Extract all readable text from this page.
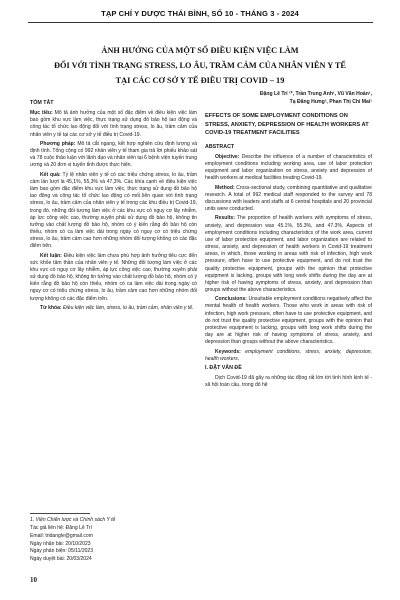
TẠP CHÍ Y DƯỢC THÁI BÌNH, SỐ 10 - THÁNG 3 - 2024
ẢNH HƯỞNG CỦA MỘT SỐ ĐIỀU KIỆN VIỆC LÀM
ĐỐI VỚI TÌNH TRẠNG STRESS, LO ÂU, TRẦM CẢM CỦA NHÂN VIÊN Y TẾ
TẠI CÁC CƠ SỞ Y TẾ ĐIỀU TRỊ COVID – 19
TÓM TẮT

Mục tiêu: Mô tả ảnh hưởng của một số đặc điểm về điều kiện việc làm bao gồm khu vực làm việc, thực trạng sử dụng đồ bảo hộ lao động và công tác tổ chức lao động đối với tình trạng stress, lo âu, trầm cảm của nhân viên y tế tại các cơ sở y tế điều trị Covid-19.

Phương pháp: Mô tả cắt ngang, kết hợp nghiên cứu định lượng và định tính. Tổng cộng có 992 nhân viên y tế tham gia trả lời phiếu khảo sát và 78 cuộc thảo luận với lãnh đạo và nhân viên tại 6 bệnh viện tuyến trung ương và 20 đơn vị tuyến tỉnh được thực hiện.

Kết quả: Tỷ lệ nhân viên y tế có các triệu chứng stress, lo âu, trầm cảm lần lượt là 45,1%, 55,3% và 47,3%. Các khía cạnh về điều kiện việc làm bao gồm đặc điểm khu vực làm việc, thực trạng sử dụng đồ bảo hộ lao động và công tác tổ chức lao động có mối liên quan với tình trạng stress, lo âu, trầm cảm của nhân viên y tế trong các khu điều trị Covid-19, trong đó, những đối tượng làm việc ở các khu vực có nguy cơ lây nhiễm, áp lực công việc cao, thường xuyên phải sử dụng đồ bảo hộ, không tin tưởng vào chất lượng đồ bảo hộ, nhóm có ý kiến rằng đồ bảo hộ còn thiếu, nhóm có ca làm việc dài trong ngày có nguy cơ có triệu chứng stress, lo âu, trầm cảm cao hơn những nhóm đối tượng không có các đặc điểm trên.

Kết luận: Điều kiện việc làm chưa phù hợp ảnh hưởng tiêu cực đến sức khỏe tâm thần của nhân viên y tế. Những đối tượng làm việc ở các khu vực có nguy cơ lây nhiễm, áp lực công việc cao, thường xuyên phải sử dụng đồ bảo hộ, không tin tưởng vào chất lượng đồ bảo hộ, nhóm có ý kiến rằng đồ bảo hộ còn thiếu, nhóm có ca làm việc dài trong ngày có nguy cơ có triệu chứng stress, lo âu, trầm cảm cao hơn những nhóm đối tượng không có các đặc điểm trên.

Từ khóa: Điều kiện việc làm, stress, lo âu, trầm cảm, nhân viên y tế.

1. Viện Chiến lược và Chính sách Y tế
Tác giả liên hệ: Đặng Lê Trí
Email: tridangle@gmail.com
Ngày nhận bài: 20/10/2023
Ngày phản biện: 05/11/2023
Ngày duyệt bài: 20/03/2024
Đặng Lê Trí ¹*, Trần Trung Anh¹, Vũ Văn Hoàn¹,
Tạ Đăng Hưng², Phan Thị Chi Mai¹
EFFECTS OF SOME EMPLOYMENT CONDITIONS ON STRESS, ANXIETY, DEPRESSION OF HEALTH WORKERS AT COVID-19 TREATMENT FACILITIES
ABSTRACT

Objective: Describe the influence of a number of characteristics of employment conditions including working area, use of labor protection equipment and labor organization on stress, anxiety and depression of health workers at medical facilities treating Covid-19.

Method: Cross-sectional study, combining quantitative and qualitative research. A total of 992 medical staff responded to the survey and 78 discussions with leaders and staffs at 6 central hospitals and 20 provincial units were conducted.

Results: The proportion of health workers with symptoms of stress, anxiety, and depression was 45.1%, 55.3%, and 47.3%. Aspects of employment conditions including characteristics of the work area, current use of labor protection equipment, and labor organization are related to stress, anxiety, and depression of health workers in Covid-19 treatment areas, in which, those working in areas with risk of infection, high work pressure, often have to use protective equipment, and do not trust the quality protective equipment, groups with the opinion that protective equipment is lacking, groups with long work shifts during the day are at higher risk of having symptoms of stress, anxiety, and depression than groups without the above characteristics.

Conclusions: Unsuitable employment conditions negatively affect the mental health of health workers. Those who work in areas with risk of infection, high work pressure, often have to use protective equipment, and do not trust the quality protective equipment, groups with the opinion that protective equipment is lacking, groups with long work shifts during the day are at higher risk of having symptoms of stress, anxiety, and depression than groups without the above characteristics.

Keywords: employment conditions, stress, anxiety, depression, health workers.

I. ĐẶT VẤN ĐỀ

Dịch Covid-19 đã gây ra những tác động rất lớn tới tình hình kinh tế - xã hội toàn cầu, trong đó hệ

10
